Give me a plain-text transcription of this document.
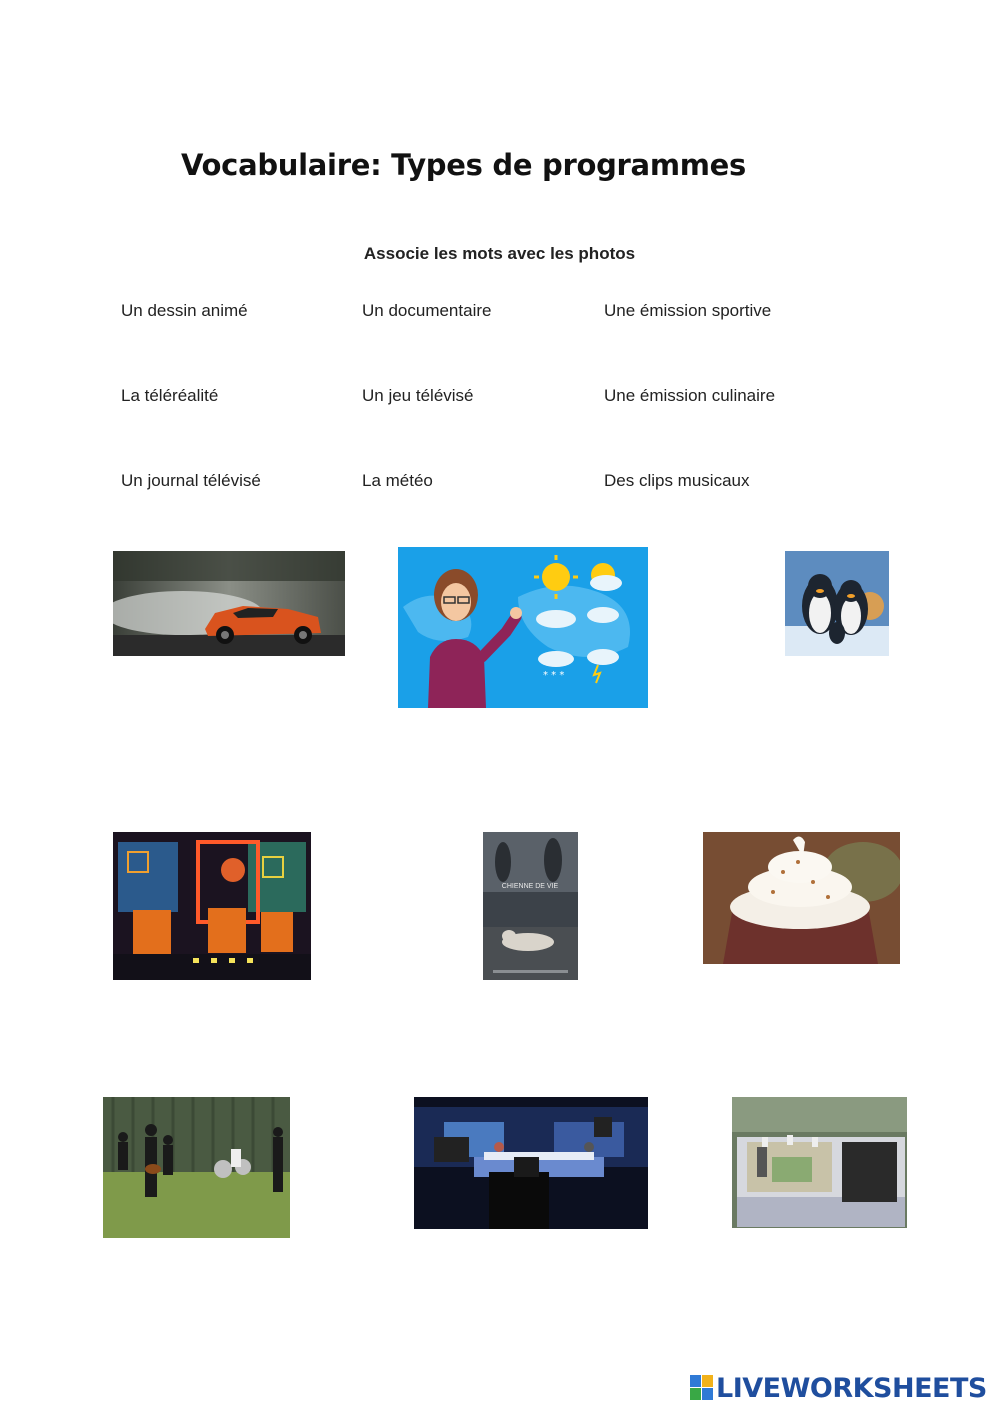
Vocabulaire: Types de programmes
Associe les mots avec les photos
Un dessin animé	Un documentaire	Une émission sportive
La téléréalité	Un jeu télévisé	Une émission culinaire
Un journal télévisé	La météo	Des clips musicaux
* * *
CHIENNE DE VIE
LIVEWORKSHEETS
